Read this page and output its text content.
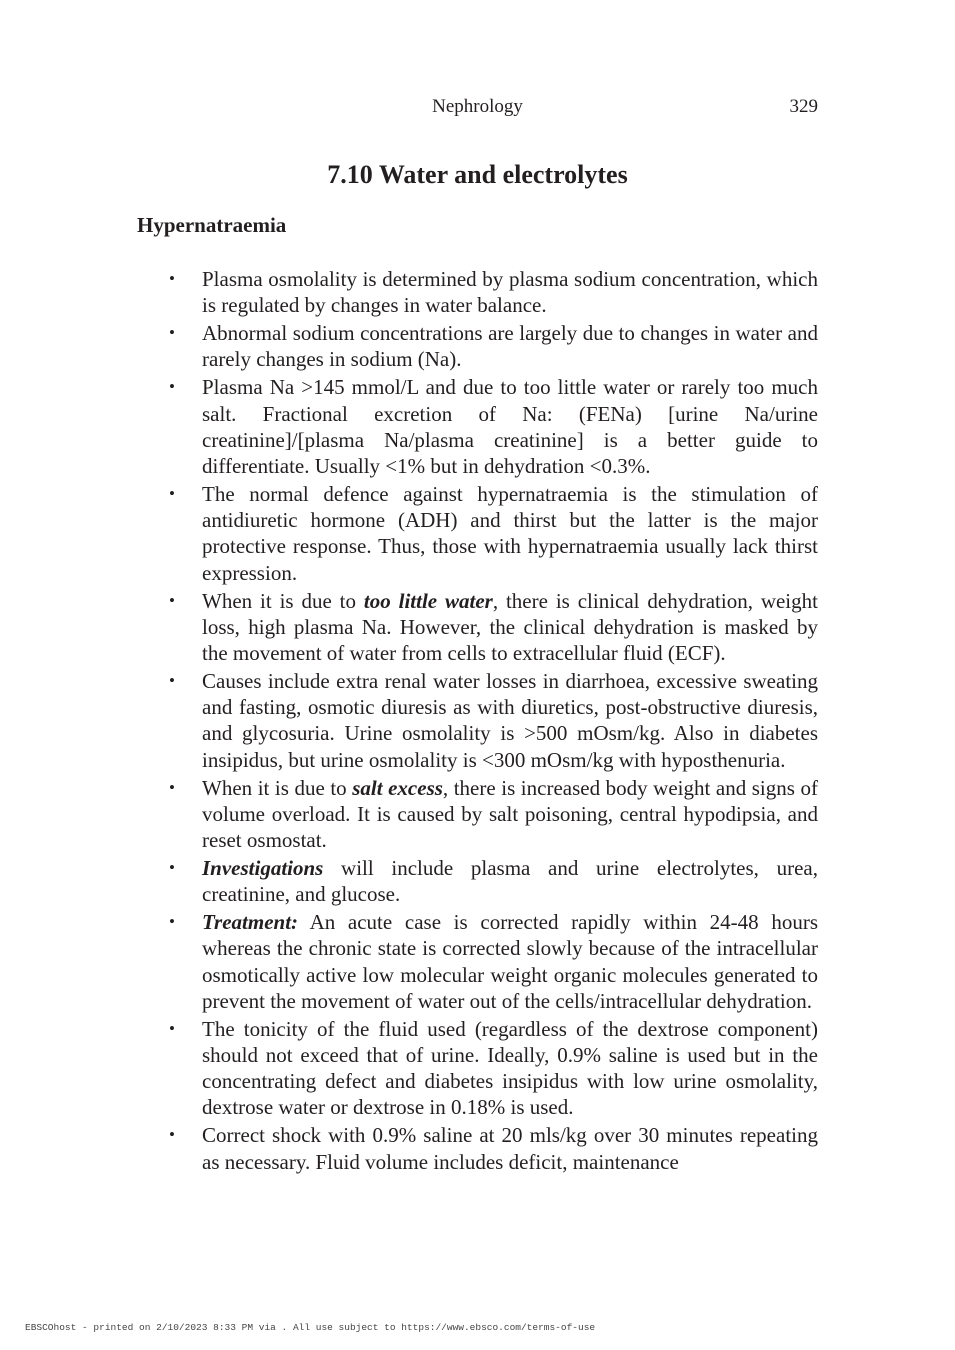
Nephrology	329
7.10 Water and electrolytes
Hypernatraemia
• Plasma osmolality is determined by plasma sodium concentration, which is regulated by changes in water balance.
• Abnormal sodium concentrations are largely due to changes in water and rarely changes in sodium (Na).
• Plasma Na >145 mmol/L and due to too little water or rarely too much salt. Fractional excretion of Na: (FENa) [urine Na/urine creatinine]/[plasma Na/plasma creatinine] is a better guide to differentiate. Usually <1% but in dehydration <0.3%.
• The normal defence against hypernatraemia is the stimulation of antidiuretic hormone (ADH) and thirst but the latter is the major protective response. Thus, those with hypernatraemia usually lack thirst expression.
• When it is due to too little water, there is clinical dehydration, weight loss, high plasma Na. However, the clinical dehydration is masked by the movement of water from cells to extracellular fluid (ECF).
• Causes include extra renal water losses in diarrhoea, excessive sweating and fasting, osmotic diuresis as with diuretics, post-obstructive diuresis, and glycosuria. Urine osmolality is >500 mOsm/kg. Also in diabetes insipidus, but urine osmolality is <300 mOsm/kg with hyposthenuria.
• When it is due to salt excess, there is increased body weight and signs of volume overload. It is caused by salt poisoning, central hypodipsia, and reset osmostat.
• Investigations will include plasma and urine electrolytes, urea, creatinine, and glucose.
• Treatment: An acute case is corrected rapidly within 24-48 hours whereas the chronic state is corrected slowly because of the intracellular osmotically active low molecular weight organic molecules generated to prevent the movement of water out of the cells/intracellular dehydration.
• The tonicity of the fluid used (regardless of the dextrose component) should not exceed that of urine. Ideally, 0.9% saline is used but in the concentrating defect and diabetes insipidus with low urine osmolality, dextrose water or dextrose in 0.18% is used.
• Correct shock with 0.9% saline at 20 mls/kg over 30 minutes repeating as necessary. Fluid volume includes deficit, maintenance
EBSCOhost - printed on 2/10/2023 8:33 PM via . All use subject to https://www.ebsco.com/terms-of-use
